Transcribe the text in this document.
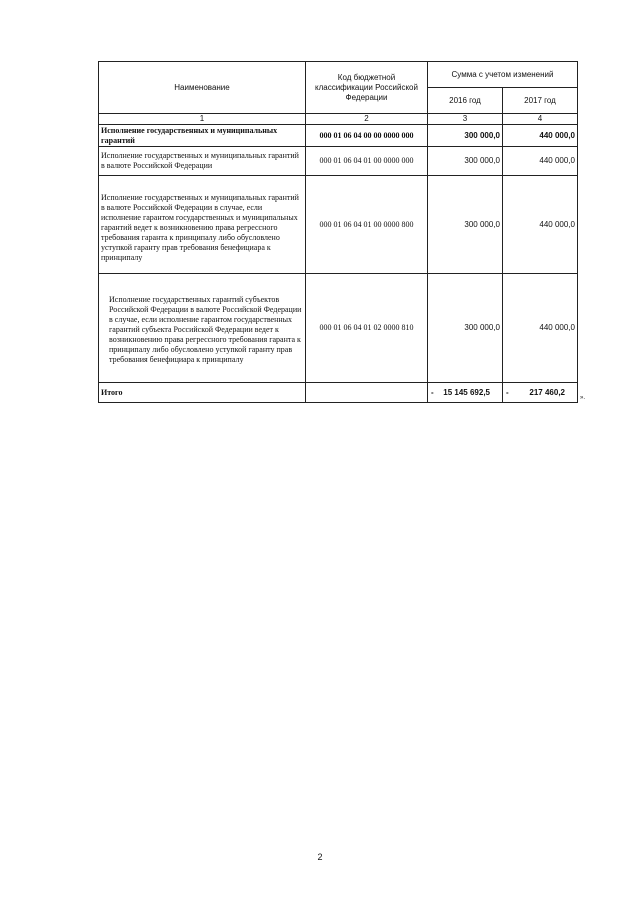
Наименование	Код бюджетной классификации Российской Федерации	Сумма с учетом изменений	
		2016 год	2017 год
1	2	3	4
Исполнение государственных и муниципальных гарантий	000 01 06 04 00 00 0000 000	300 000,0	440 000,0
Исполнение государственных и муниципальных гарантий в валюте Российской Федерации	000 01 06 04 01 00 0000 000	300 000,0	440 000,0
Исполнение государственных и муниципальных гарантий в валюте Российской Федерации в случае, если исполнение гарантом государственных и муниципальных гарантий ведет к возникновению права регрессного требования гаранта к принципалу либо обусловлено уступкой гаранту прав требования бенефициара к принципалу	000 01 06 04 01 00 0000 800	300 000,0	440 000,0
Исполнение государственных гарантий субъектов Российской Федерации в валюте Российской Федерации в случае, если исполнение гарантом государственных гарантий субъекта Российской Федерации ведет к возникновению права регрессного требования гаранта к принципалу либо обусловлено уступкой гаранту прав требования бенефициара к принципалу	000 01 06 04 01 02 0000 810	300 000,0	440 000,0
Итого		- 15 145 692,5	- 217 460,2
».
2
